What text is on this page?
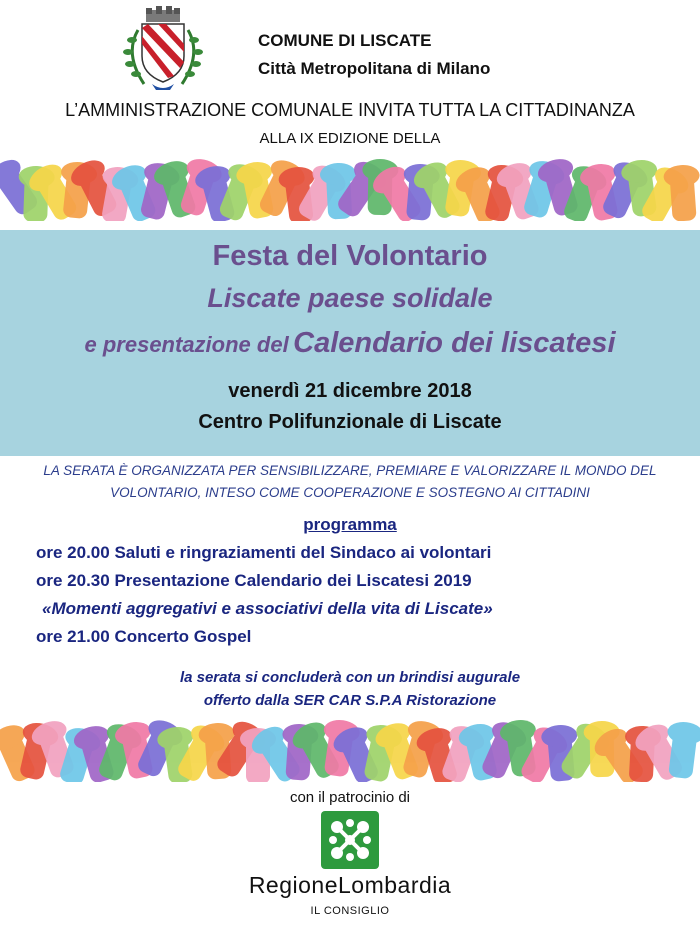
COMUNE DI LISCATE
Città Metropolitana di Milano
L’AMMINISTRAZIONE COMUNALE INVITA TUTTA LA CITTADINANZA
ALLA IX EDIZIONE DELLA
Festa del Volontario
Liscate paese solidale
e presentazione del Calendario dei liscatesi
venerdì 21 dicembre 2018
Centro Polifunzionale di Liscate
LA SERATA È ORGANIZZATA PER SENSIBILIZZARE, PREMIARE E VALORIZZARE IL MONDO DEL
VOLONTARIO, INTESO COME COOPERAZIONE E SOSTEGNO AI CITTADINI
programma
ore 20.00 Saluti e ringraziamenti del Sindaco ai volontari
ore 20.30 Presentazione Calendario dei Liscatesi 2019
«Momenti aggregativi e associativi della vita di Liscate»
ore 21.00 Concerto Gospel
la serata si concluderà con un brindisi augurale
offerto dalla SER CAR S.P.A Ristorazione
con il patrocinio di
RegioneLombardia
IL CONSIGLIO
